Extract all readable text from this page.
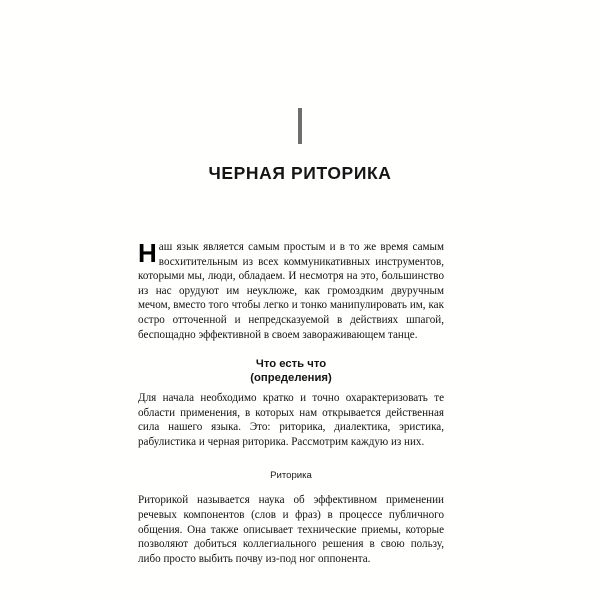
ЧЕРНАЯ РИТОРИКА

Наш язык является самым простым и в то же время самым восхитительным из всех коммуникативных инструментов, которыми мы, люди, обладаем. И несмотря на это, большинство из нас орудуют им неуклюже, как громоздким двуручным мечом, вместо того чтобы легко и тонко манипулировать им, как остро отточенной и непредсказуемой в действиях шпагой, беспощадно эффективной в своем завораживающем танце.

Что есть что
(определения)

Для начала необходимо кратко и точно охарактеризовать те области применения, в которых нам открывается действенная сила нашего языка. Это: риторика, диалектика, эристика, рабулистика и черная риторика. Рассмотрим каждую из них.

Риторика

Риторикой называется наука об эффективном применении речевых компонентов (слов и фраз) в процессе публичного общения. Она также описывает технические приемы, которые позволяют добиться коллегиального решения в свою пользу, либо просто выбить почву из-под ног оппонента.
